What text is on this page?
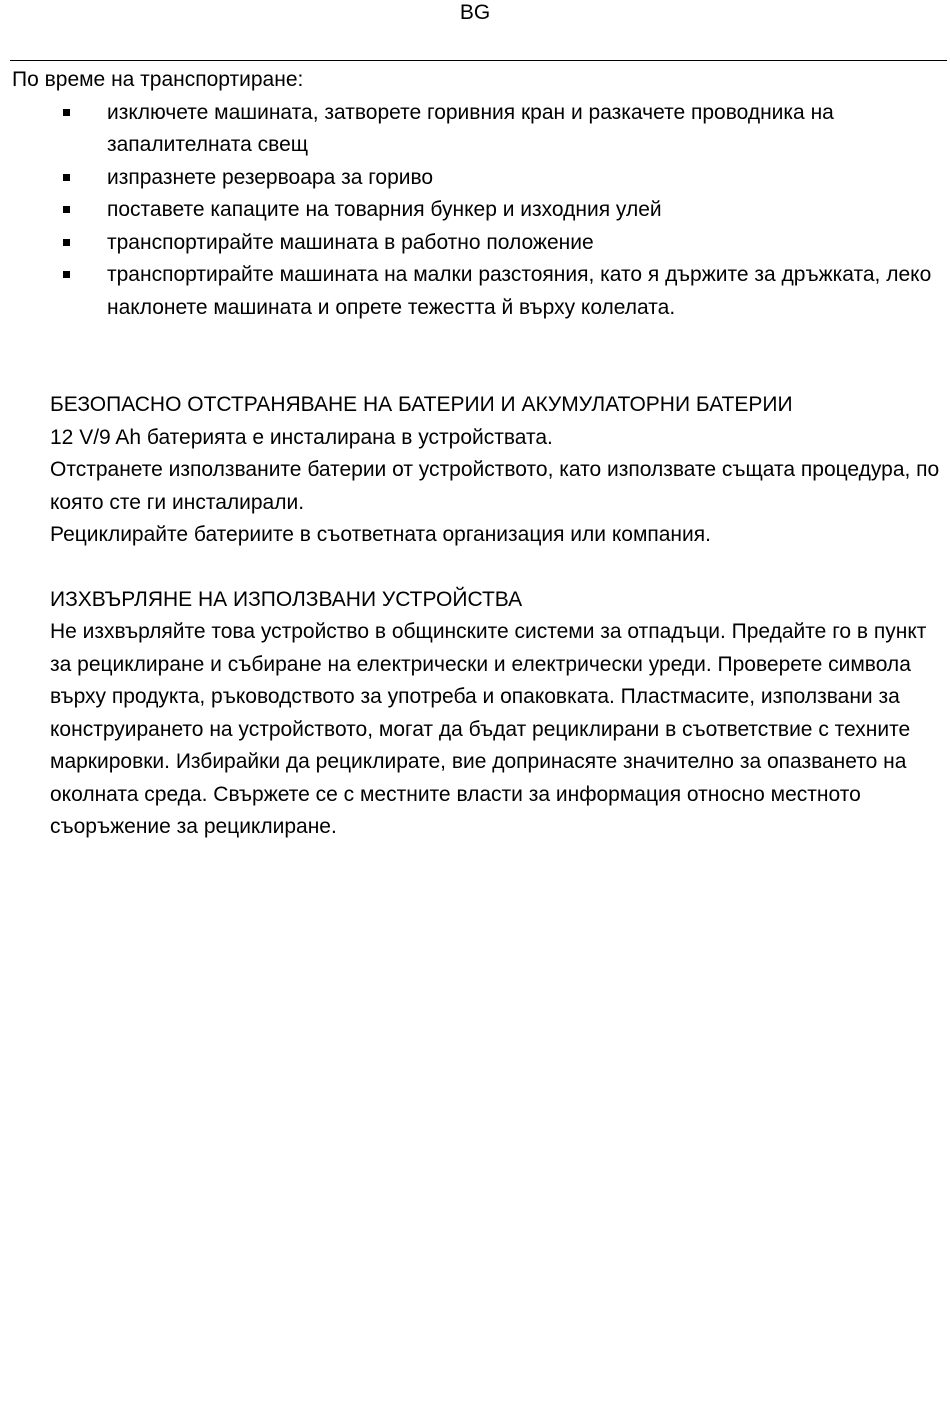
BG

По време на транспортиране:

изключете машината, затворете горивния кран и разкачете проводника на запалителната свещ
изпразнете резервоара за гориво
поставете капаците на товарния бункер и изходния улей
транспортирайте машината в работно положение
транспортирайте машината на малки разстояния, като я държите за дръжката, леко наклонете машината и опрете тежестта й върху колелата.

БЕЗОПАСНО ОТСТРАНЯВАНЕ НА БАТЕРИИ И АКУМУЛАТОРНИ БАТЕРИИ

12 V/9 Ah батерията е инсталирана в устройствата.

Отстранете използваните батерии от устройството, като използвате същата процедура, по която сте ги инсталирали.

Рециклирайте батериите в съответната организация или компания.

ИЗХВЪРЛЯНЕ НА ИЗПОЛЗВАНИ УСТРОЙСТВА

Не изхвърляйте това устройство в общинските системи за отпадъци. Предайте го в пункт за рециклиране и събиране на електрически и електрически уреди. Проверете символа върху продукта, ръководството за употреба и опаковката. Пластмасите, използвани за конструирането на устройството, могат да бъдат рециклирани в съответствие с техните маркировки. Избирайки да рециклирате, вие допринасяте значително за опазването на околната среда. Свържете се с местните власти за информация относно местното съоръжение за рециклиране.
